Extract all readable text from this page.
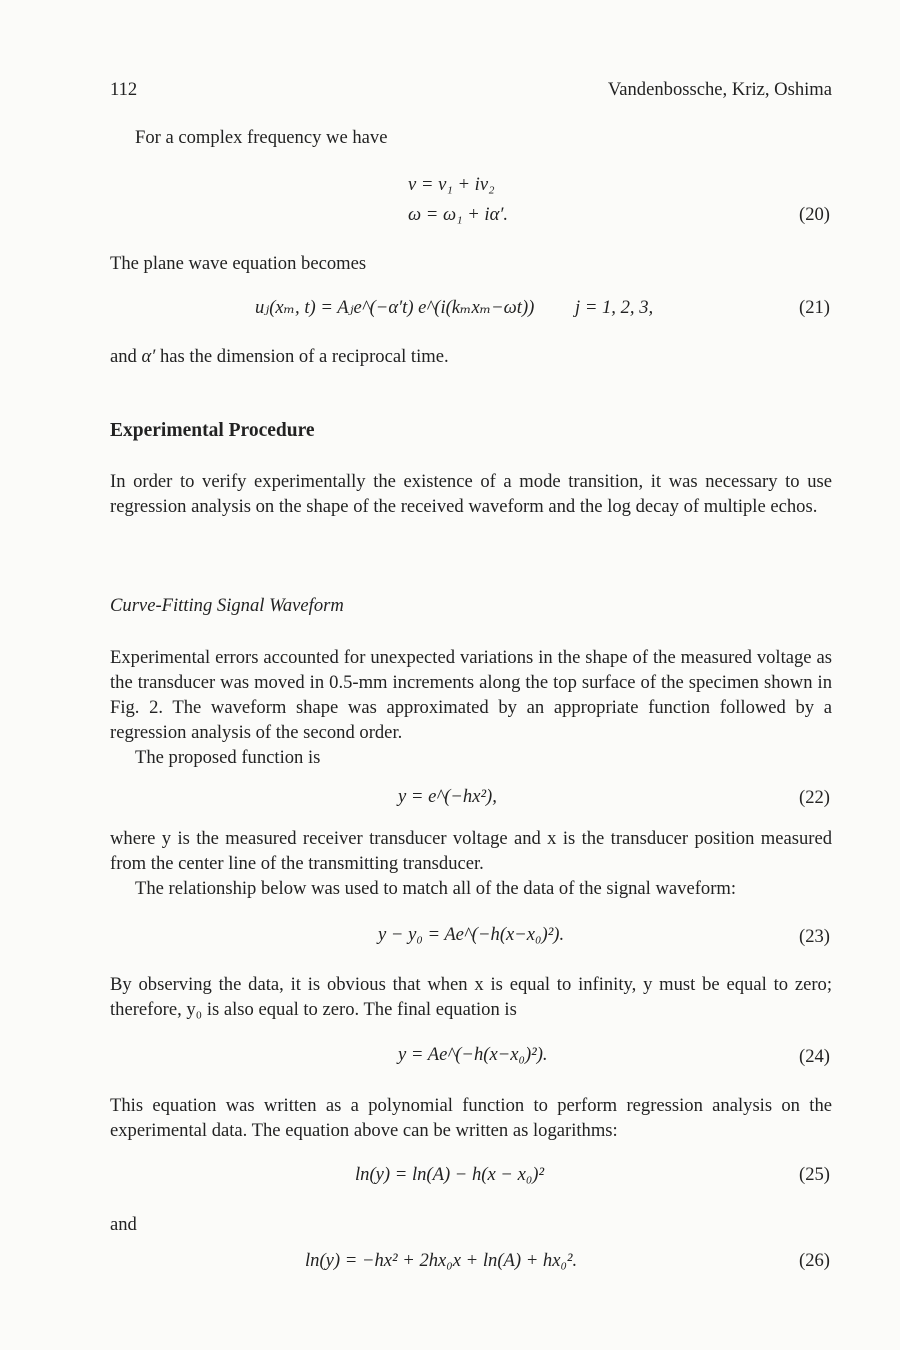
112	Vandenbossche, Kriz, Oshima
For a complex frequency we have
v = v₁ + iv₂
ω = ω₁ + iα′.	(20)
The plane wave equation becomes
uⱼ(xₘ, t) = Aⱼe^(−α′t) e^(i(kₘxₘ−ωt)) j = 1, 2, 3,	(21)
and α′ has the dimension of a reciprocal time.
Experimental Procedure
In order to verify experimentally the existence of a mode transition, it was necessary to use regression analysis on the shape of the received waveform and the log decay of multiple echos.
Curve-Fitting Signal Waveform
Experimental errors accounted for unexpected variations in the shape of the measured voltage as the transducer was moved in 0.5-mm increments along the top surface of the specimen shown in Fig. 2. The waveform shape was approximated by an appropriate function followed by a regression analysis of the second order.
The proposed function is
y = e^(−hx²),	(22)
where y is the measured receiver transducer voltage and x is the transducer position measured from the center line of the transmitting transducer.
The relationship below was used to match all of the data of the signal waveform:
y − y₀ = Ae^(−h(x−x₀)²).	(23)
By observing the data, it is obvious that when x is equal to infinity, y must be equal to zero; therefore, y₀ is also equal to zero. The final equation is
y = Ae^(−h(x−x₀)²).	(24)
This equation was written as a polynomial function to perform regression analysis on the experimental data. The equation above can be written as logarithms:
ln(y) = ln(A) − h(x − x₀)²	(25)
and
ln(y) = −hx² + 2hx₀x + ln(A) + hx₀².	(26)
